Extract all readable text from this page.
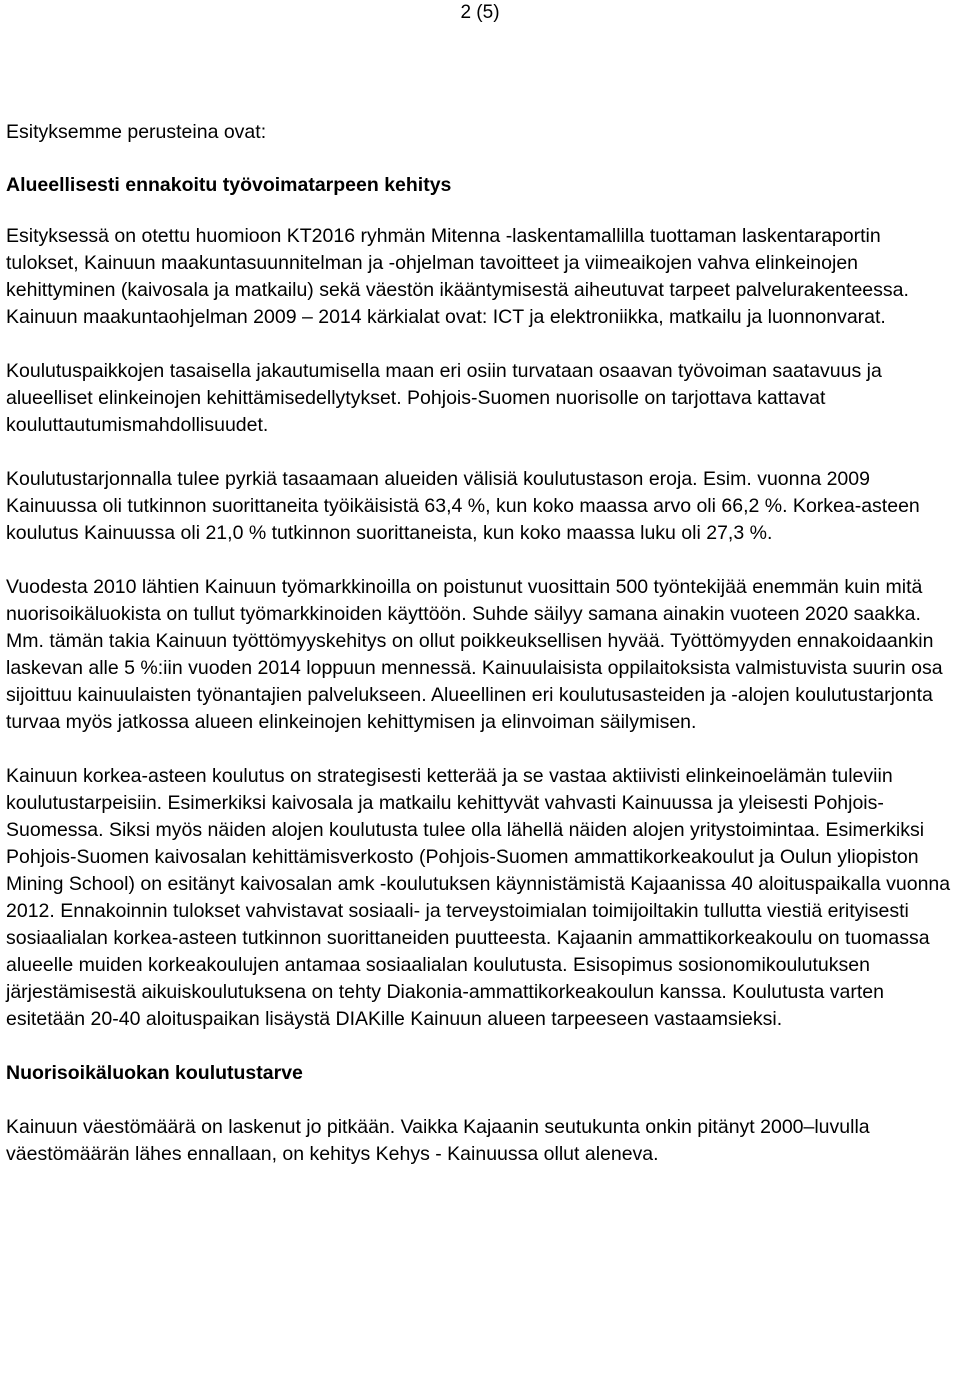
2 (5)

Esityksemme perusteina ovat:

Alueellisesti ennakoitu työvoimatarpeen kehitys

Esityksessä on otettu huomioon KT2016 ryhmän Mitenna -laskentamallilla tuottaman laskentaraportin tulokset, Kainuun maakuntasuunnitelman ja -ohjelman tavoitteet ja viimeaikojen vahva elinkeinojen kehittyminen (kaivosala ja matkailu) sekä väestön ikääntymisestä aiheutuvat tarpeet palvelurakenteessa. Kainuun maakuntaohjelman 2009 – 2014 kärkialat ovat: ICT ja elektroniikka, matkailu ja luonnonvarat.

Koulutuspaikkojen tasaisella jakautumisella maan eri osiin turvataan osaavan työvoiman saatavuus ja alueelliset elinkeinojen kehittämisedellytykset. Pohjois-Suomen nuorisolle on tarjottava kattavat kouluttautumismahdollisuudet.

Koulutustarjonnalla tulee pyrkiä tasaamaan alueiden välisiä koulutustason eroja. Esim. vuonna 2009 Kainuussa oli tutkinnon suorittaneita työikäisistä 63,4 %, kun koko maassa arvo oli 66,2 %. Korkea-asteen koulutus Kainuussa oli 21,0 % tutkinnon suorittaneista, kun koko maassa luku oli 27,3 %.

Vuodesta 2010 lähtien Kainuun työmarkkinoilla on poistunut vuosittain 500 työntekijää enemmän kuin mitä nuorisoikäluokista on tullut työmarkkinoiden käyttöön. Suhde säilyy samana ainakin vuoteen 2020 saakka. Mm. tämän takia Kainuun työttömyyskehitys on ollut poikkeuksellisen hyvää. Työttömyyden ennakoidaankin laskevan alle 5 %:iin vuoden 2014 loppuun mennessä. Kainuulaisista oppilaitoksista valmistuvista suurin osa sijoittuu kainuulaisten työnantajien palvelukseen. Alueellinen eri koulutusasteiden ja -alojen koulutustarjonta turvaa myös jatkossa alueen elinkeinojen kehittymisen ja elinvoiman säilymisen.

Kainuun korkea-asteen koulutus on strategisesti ketterää ja se vastaa aktiivisti elinkeinoelämän tuleviin koulutustarpeisiin. Esimerkiksi kaivosala ja matkailu kehittyvät vahvasti Kainuussa ja yleisesti Pohjois-Suomessa. Siksi myös näiden alojen koulutusta tulee olla lähellä näiden alojen yritystoimintaa. Esimerkiksi Pohjois-Suomen kaivosalan kehittämisverkosto (Pohjois-Suomen ammattikorkeakoulut ja Oulun yliopiston Mining School) on esitänyt kaivosalan amk -koulutuksen käynnistämistä Kajaanissa 40 aloituspaikalla vuonna 2012. Ennakoinnin tulokset vahvistavat sosiaali- ja terveystoimialan toimijoiltakin tullutta viestiä erityisesti sosiaalialan korkea-asteen tutkinnon suorittaneiden puutteesta. Kajaanin ammattikorkeakoulu on tuomassa alueelle muiden korkeakoulujen antamaa sosiaalialan koulutusta. Esisopimus sosionomikoulutuksen järjestämisestä aikuiskoulutuksena on tehty Diakonia-ammattikorkeakoulun kanssa. Koulutusta varten esitetään 20-40 aloituspaikan lisäystä DIAKille Kainuun alueen tarpeeseen vastaamsieksi.

Nuorisoikäluokan koulutustarve

Kainuun väestömäärä on laskenut jo pitkään. Vaikka Kajaanin seutukunta onkin pitänyt 2000–luvulla väestömäärän lähes ennallaan, on kehitys Kehys - Kainuussa ollut aleneva.
